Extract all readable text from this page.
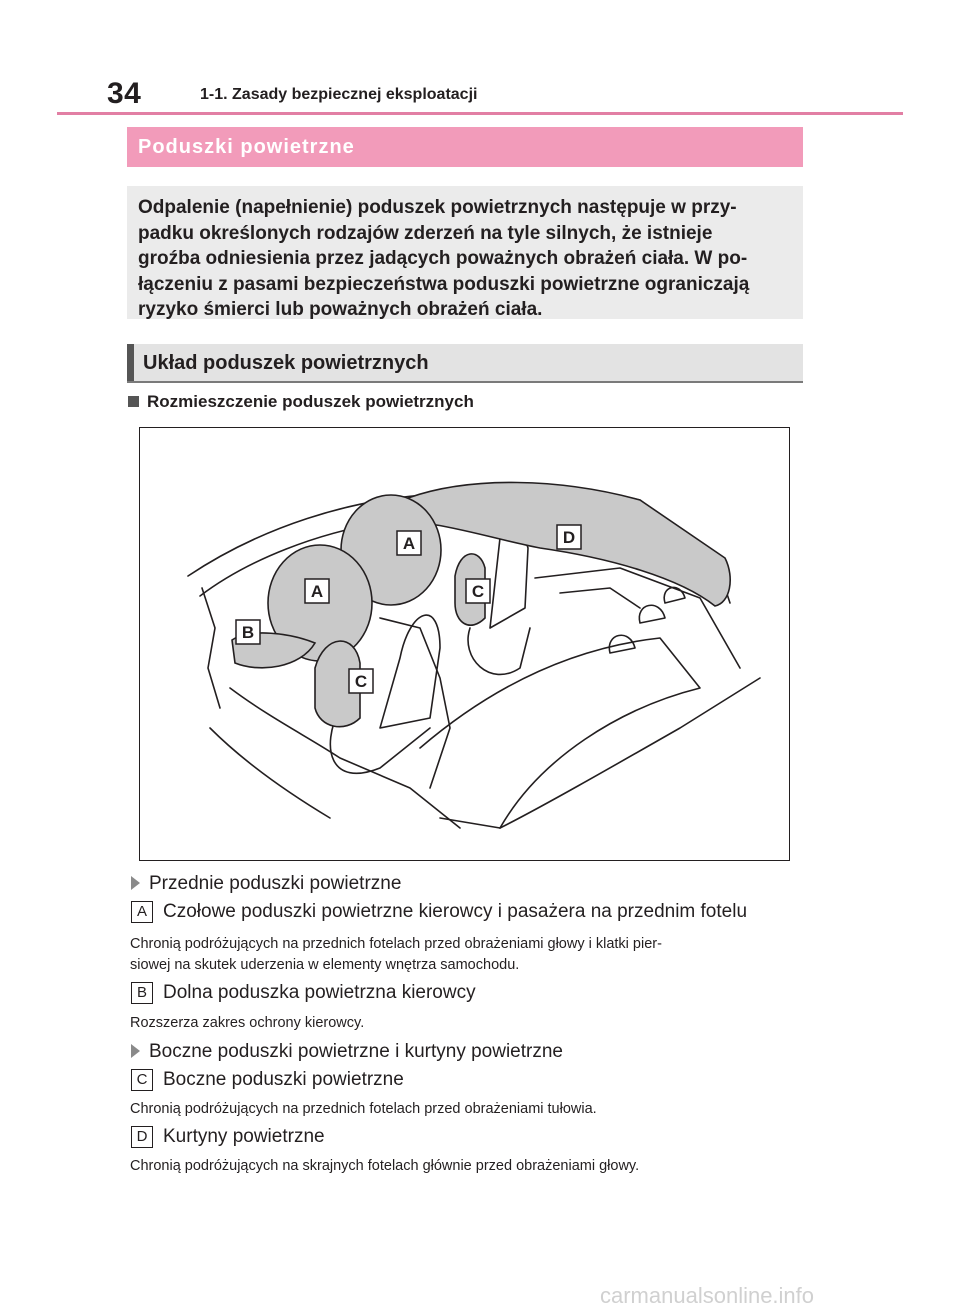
34	1-1. Zasady bezpiecznej eksploatacji
Poduszki powietrzne
Odpalenie (napełnienie) poduszek powietrznych następuje w przy-
padku określonych rodzajów zderzeń na tyle silnych, że istnieje
groźba odniesienia przez jadących poważnych obrażeń ciała. W po-
łączeniu z pasami bezpieczeństwa poduszki powietrzne ograniczają
ryzyko śmierci lub poważnych obrażeń ciała.
Układ poduszek powietrznych
Rozmieszczenie poduszek powietrznych
A
A
B
C
C
D
Przednie poduszki powietrzne
A Czołowe poduszki powietrzne kierowcy i pasażera na przednim fotelu
Chronią podróżujących na przednich fotelach przed obrażeniami głowy i klatki pier-
siowej na skutek uderzenia w elementy wnętrza samochodu.
B Dolna poduszka powietrzna kierowcy
Rozszerza zakres ochrony kierowcy.
Boczne poduszki powietrzne i kurtyny powietrzne
C Boczne poduszki powietrzne
Chronią podróżujących na przednich fotelach przed obrażeniami tułowia.
D Kurtyny powietrzne
Chronią podróżujących na skrajnych fotelach głównie przed obrażeniami głowy.
carmanualsonline.info
